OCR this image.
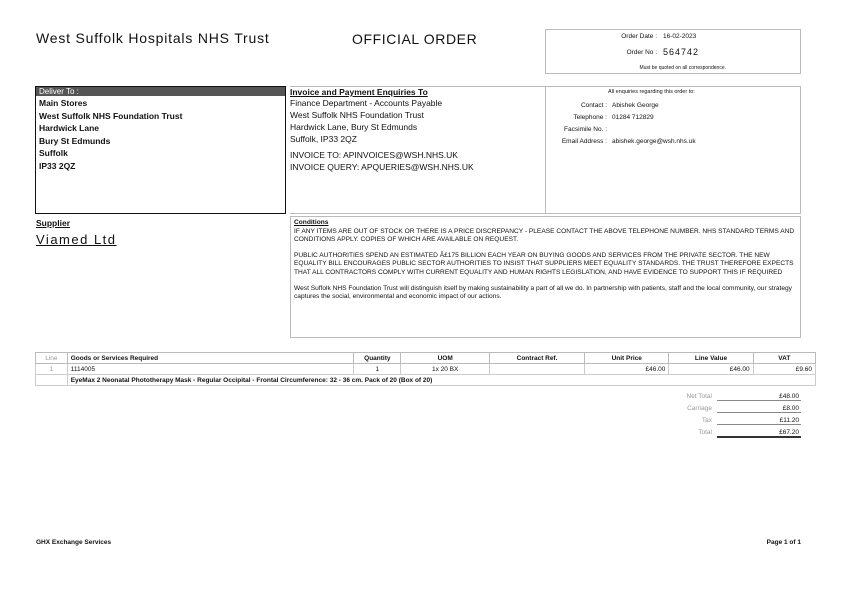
West Suffolk Hospitals NHS Trust	OFFICIAL ORDER	Order Date : 16-02-2023
Order No : 564742
Must be quoted on all correspondence.
Deliver To :
Main Stores
West Suffolk NHS Foundation Trust
Hardwick Lane
Bury St Edmunds
Suffolk
IP33 2QZ
Invoice and Payment Enquiries To
Finance Department - Accounts Payable
West Suffolk NHS Foundation Trust
Hardwick Lane, Bury St Edmunds
Suffolk, IP33 2QZ
INVOICE TO: APINVOICES@WSH.NHS.UK
INVOICE QUERY: APQUERIES@WSH.NHS.UK
All enquiries regarding this order to:
Contact : Abishek George
Telephone : 01284 712829
Facsimile No. :
Email Address : abishek.george@wsh.nhs.uk
Supplier
Viamed Ltd
Conditions

IF ANY ITEMS ARE OUT OF STOCK OR THERE IS A PRICE DISCREPANCY - PLEASE CONTACT THE ABOVE TELEPHONE NUMBER. NHS STANDARD TERMS AND CONDITIONS APPLY. COPIES OF WHICH ARE AVAILABLE ON REQUEST.

PUBLIC AUTHORITIES SPEND AN ESTIMATED Â£175 BILLION EACH YEAR ON BUYING GOODS AND SERVICES FROM THE PRIVATE SECTOR. THE NEW EQUALITY BILL ENCOURAGES PUBLIC SECTOR AUTHORITIES TO INSIST THAT SUPPLIERS MEET EQUALITY STANDARDS. THE TRUST THEREFORE EXPECTS THAT ALL CONTRACTORS COMPLY WITH CURRENT EQUALITY AND HUMAN RIGHTS LEGISLATION, AND HAVE EVIDENCE TO SUPPORT THIS IF REQUIRED

West Suffolk NHS Foundation Trust will distinguish itself by making sustainability a part of all we do. In partnership with patients, staff and the local community, our strategy captures the social, environmental and economic impact of our actions.

Line	Goods or Services Required	Quantity	UOM	Contract Ref.	Unit Price	Line Value	VAT
1	1114005	1	1x 20 BX		£46.00	£46.00	£9.60
	EyeMax 2 Neonatal Phototherapy Mask - Regular Occipital - Frontal Circumference: 32 - 36 cm. Pack of 20 (Box of 20)						
Net Total	£48.00
Carriage	£8.00
Tax	£11.20
Total	£67.20
GHX Exchange Services	Page 1 of 1
